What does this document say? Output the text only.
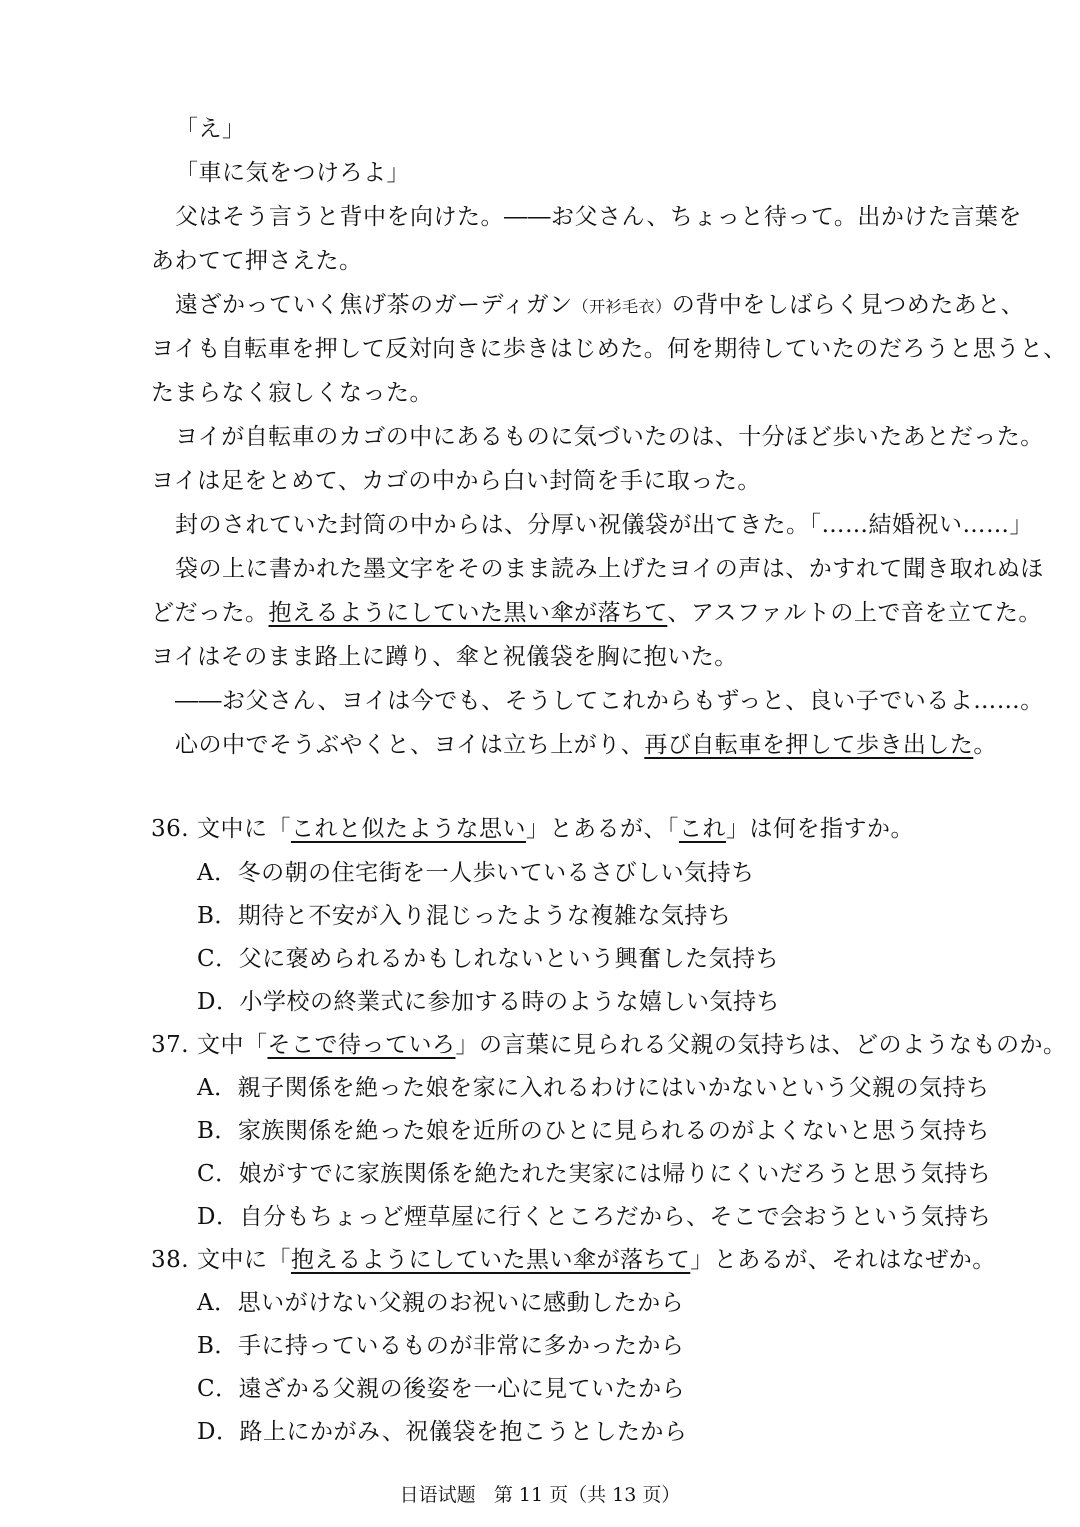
「え」
「車に気をつけろよ」
父はそう言うと背中を向けた。――お父さん、ちょっと待って。出かけた言葉を
あわてて押さえた。
遠ざかっていく焦げ茶のガーディガン（开衫毛衣）の背中をしばらく見つめたあと、
ヨイも自転車を押して反対向きに歩きはじめた。何を期待していたのだろうと思うと、
たまらなく寂しくなった。
ヨイが自転車のカゴの中にあるものに気づいたのは、十分ほど歩いたあとだった。
ヨイは足をとめて、カゴの中から白い封筒を手に取った。
封のされていた封筒の中からは、分厚い祝儀袋が出てきた。「……結婚祝い……」
袋の上に書かれた墨文字をそのまま読み上げたヨイの声は、かすれて聞き取れぬほ
どだった。抱えるようにしていた黒い傘が落ちて、アスファルトの上で音を立てた。
ヨイはそのまま路上に蹲り、傘と祝儀袋を胸に抱いた。
――お父さん、ヨイは今でも、そうしてこれからもずっと、良い子でいるよ……。
心の中でそうぶやくと、ヨイは立ち上がり、再び自転車を押して歩き出した。
36. 文中に「これと似たような思い」とあるが、「これ」は何を指すか。
A．冬の朝の住宅街を一人歩いているさびしい気持ち
B．期待と不安が入り混じったような複雑な気持ち
C．父に褒められるかもしれないという興奮した気持ち
D．小学校の終業式に参加する時のような嬉しい気持ち
37. 文中「そこで待っていろ」の言葉に見られる父親の気持ちは、どのようなものか。
A．親子関係を絶った娘を家に入れるわけにはいかないという父親の気持ち
B．家族関係を絶った娘を近所のひとに見られるのがよくないと思う気持ち
C．娘がすでに家族関係を絶たれた実家には帰りにくいだろうと思う気持ち
D．自分もちょっど煙草屋に行くところだから、そこで会おうという気持ち
38. 文中に「抱えるようにしていた黒い傘が落ちて」とあるが、それはなぜか。
A．思いがけない父親のお祝いに感動したから
B．手に持っているものが非常に多かったから
C．遠ざかる父親の後姿を一心に見ていたから
D．路上にかがみ、祝儀袋を抱こうとしたから
日语试题 第 11 页（共 13 页）
